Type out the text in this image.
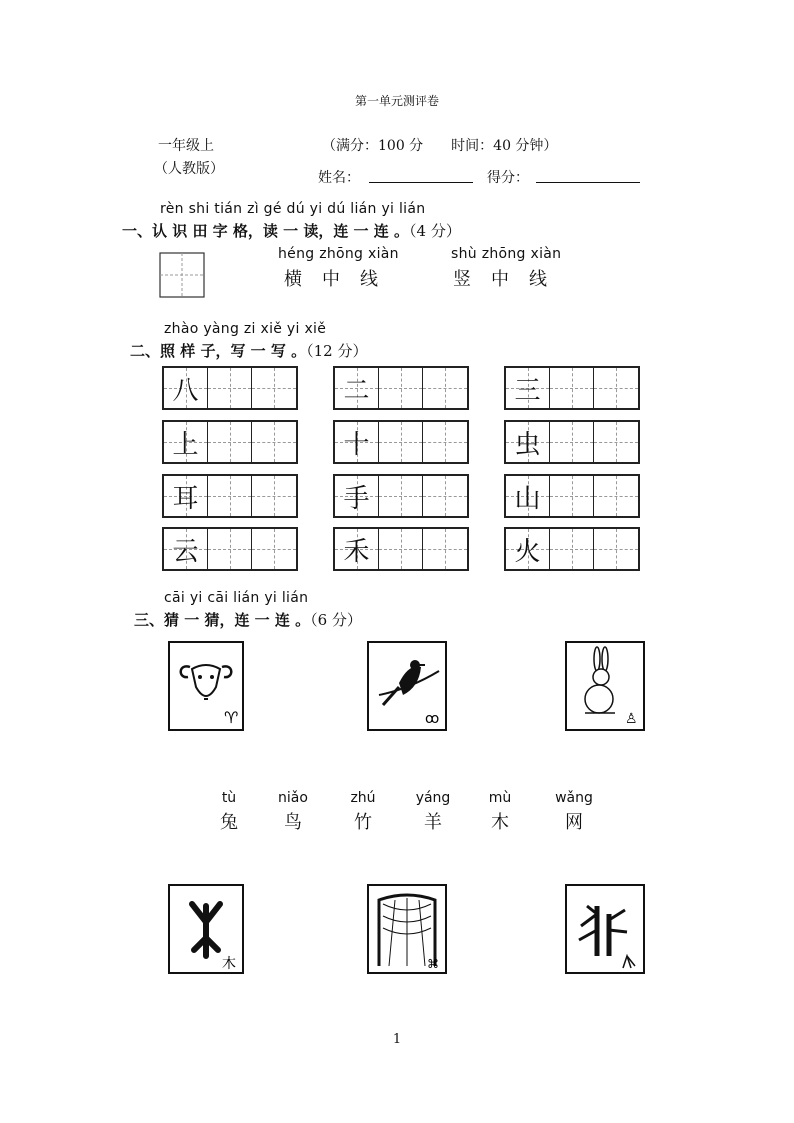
第一单元测评卷
一年级上
（人教版）
（满分：100 分　　时间：40 分钟）
姓名：	得分：
rèn shi tián zì gé dú yi dú lián yi lián
一、认 识 田 字 格，读 一 读，连 一 连 。（4 分）
héng zhōng xiàn
横中线
shù zhōng xiàn
竖中线
zhào yàng zi xiě yi xiě
二、照 样 子，写 一 写 。（12 分）
八	二	三
上	十	虫
耳	手	山
云	禾	火
cāi yi cāi lián yi lián
三、猜 一 猜，连 一 连 。（6 分）
♈	ꝏ	♙
tù
兔
niǎo
鸟
zhú
竹
yáng
羊
mù
木
wǎng
网
木	⌘
1
